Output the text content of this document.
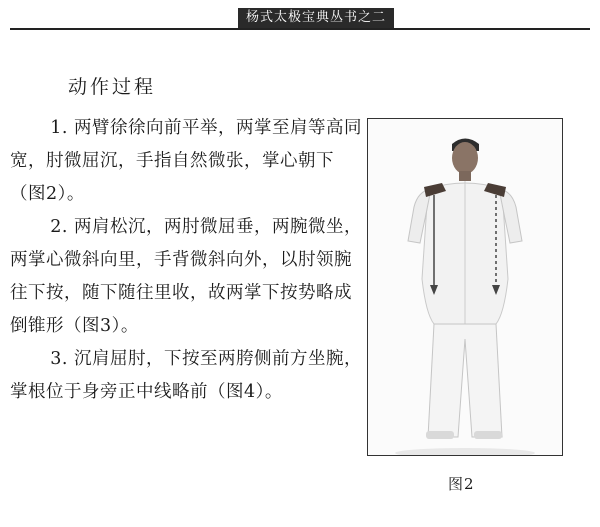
杨式太极宝典丛书之二
动作过程

1. 两臂徐徐向前平举，两掌至肩等高同宽，肘微屈沉，手指自然微张，掌心朝下（图2）。

2. 两肩松沉，两肘微屈垂，两腕微坐，两掌心微斜向里，手背微斜向外，以肘领腕往下按，随下随往里收，故两掌下按势略成倒锥形（图3）。

3. 沉肩屈肘，下按至两胯侧前方坐腕，掌根位于身旁正中线略前（图4）。

图2
